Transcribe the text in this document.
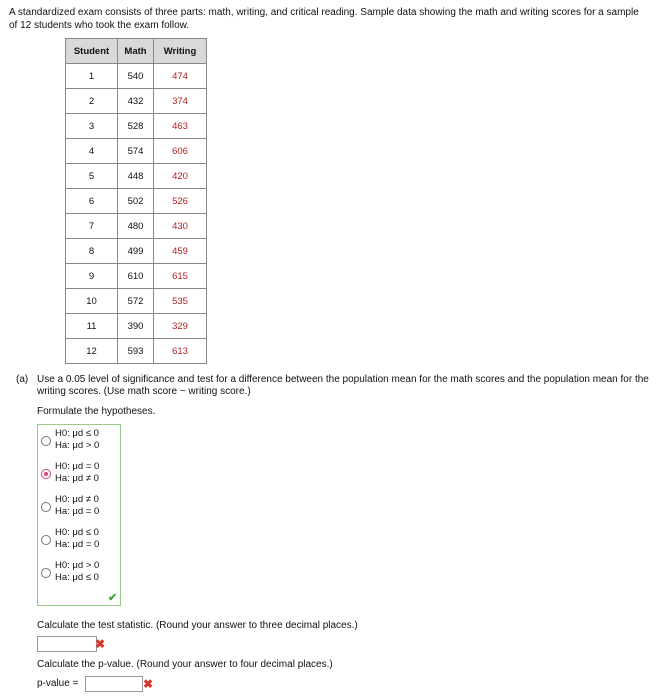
A standardized exam consists of three parts: math, writing, and critical reading. Sample data showing the math and writing scores for a sample of 12 students who took the exam follow.
Student	Math	Writing
1	540	474
2	432	374
3	528	463
4	574	606
5	448	420
6	502	526
7	480	430
8	499	459
9	610	615
10	572	535
11	390	329
12	593	613
(a) Use a 0.05 level of significance and test for a difference between the population mean for the math scores and the population mean for the writing scores. (Use math score − writing score.)
Formulate the hypotheses.
H0: μd ≤ 0
Ha: μd > 0
H0: μd = 0
Ha: μd ≠ 0
H0: μd ≠ 0
Ha: μd = 0
H0: μd ≤ 0
Ha: μd = 0
H0: μd > 0
Ha: μd ≤ 0
✔
Calculate the test statistic. (Round your answer to three decimal places.)
✖
Calculate the p-value. (Round your answer to four decimal places.)
p-value =	✖
